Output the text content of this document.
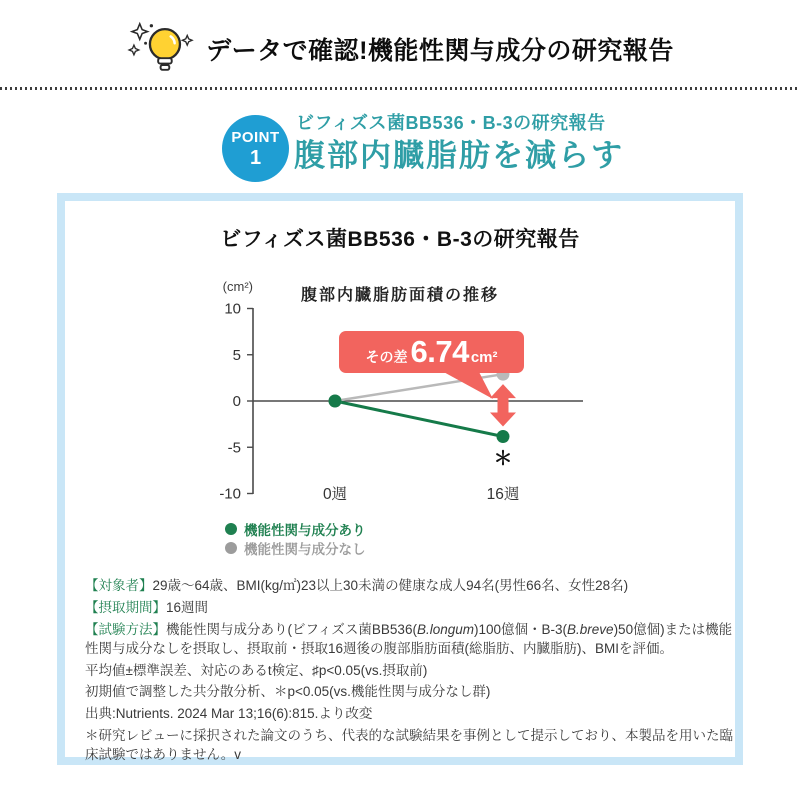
データで確認!機能性関与成分の研究報告
POINT
1
ビフィズス菌BB536・B-3の研究報告
腹部内臓脂肪を減らす
ビフィズス菌BB536・B-3の研究報告
(cm²)
腹部内臓脂肪面積の推移
10
5
0
-5
-10	0週	16週
＊
その差 6.74 cm²
機能性関与成分あり
機能性関与成分なし

【対象者】29歳〜64歳、BMI(kg/㎡)23以上30未満の健康な成人94名(男性66名、女性28名)

【摂取期間】16週間

【試験方法】機能性関与成分あり(ビフィズス菌BB536(B.longum)100億個・B-3(B.breve)50億個)または機能性関与成分なしを摂取し、摂取前・摂取16週後の腹部脂肪面積(総脂肪、内臓脂肪)、BMIを評価。

平均値±標準誤差、対応のあるt検定、♯p<0.05(vs.摂取前)

初期値で調整した共分散分析、＊p<0.05(vs.機能性関与成分なし群)

出典:Nutrients. 2024 Mar 13;16(6):815.より改変

＊研究レビューに採択された論文のうち、代表的な試験結果を事例として提示しており、本製品を用いた臨床試験ではありません。v
